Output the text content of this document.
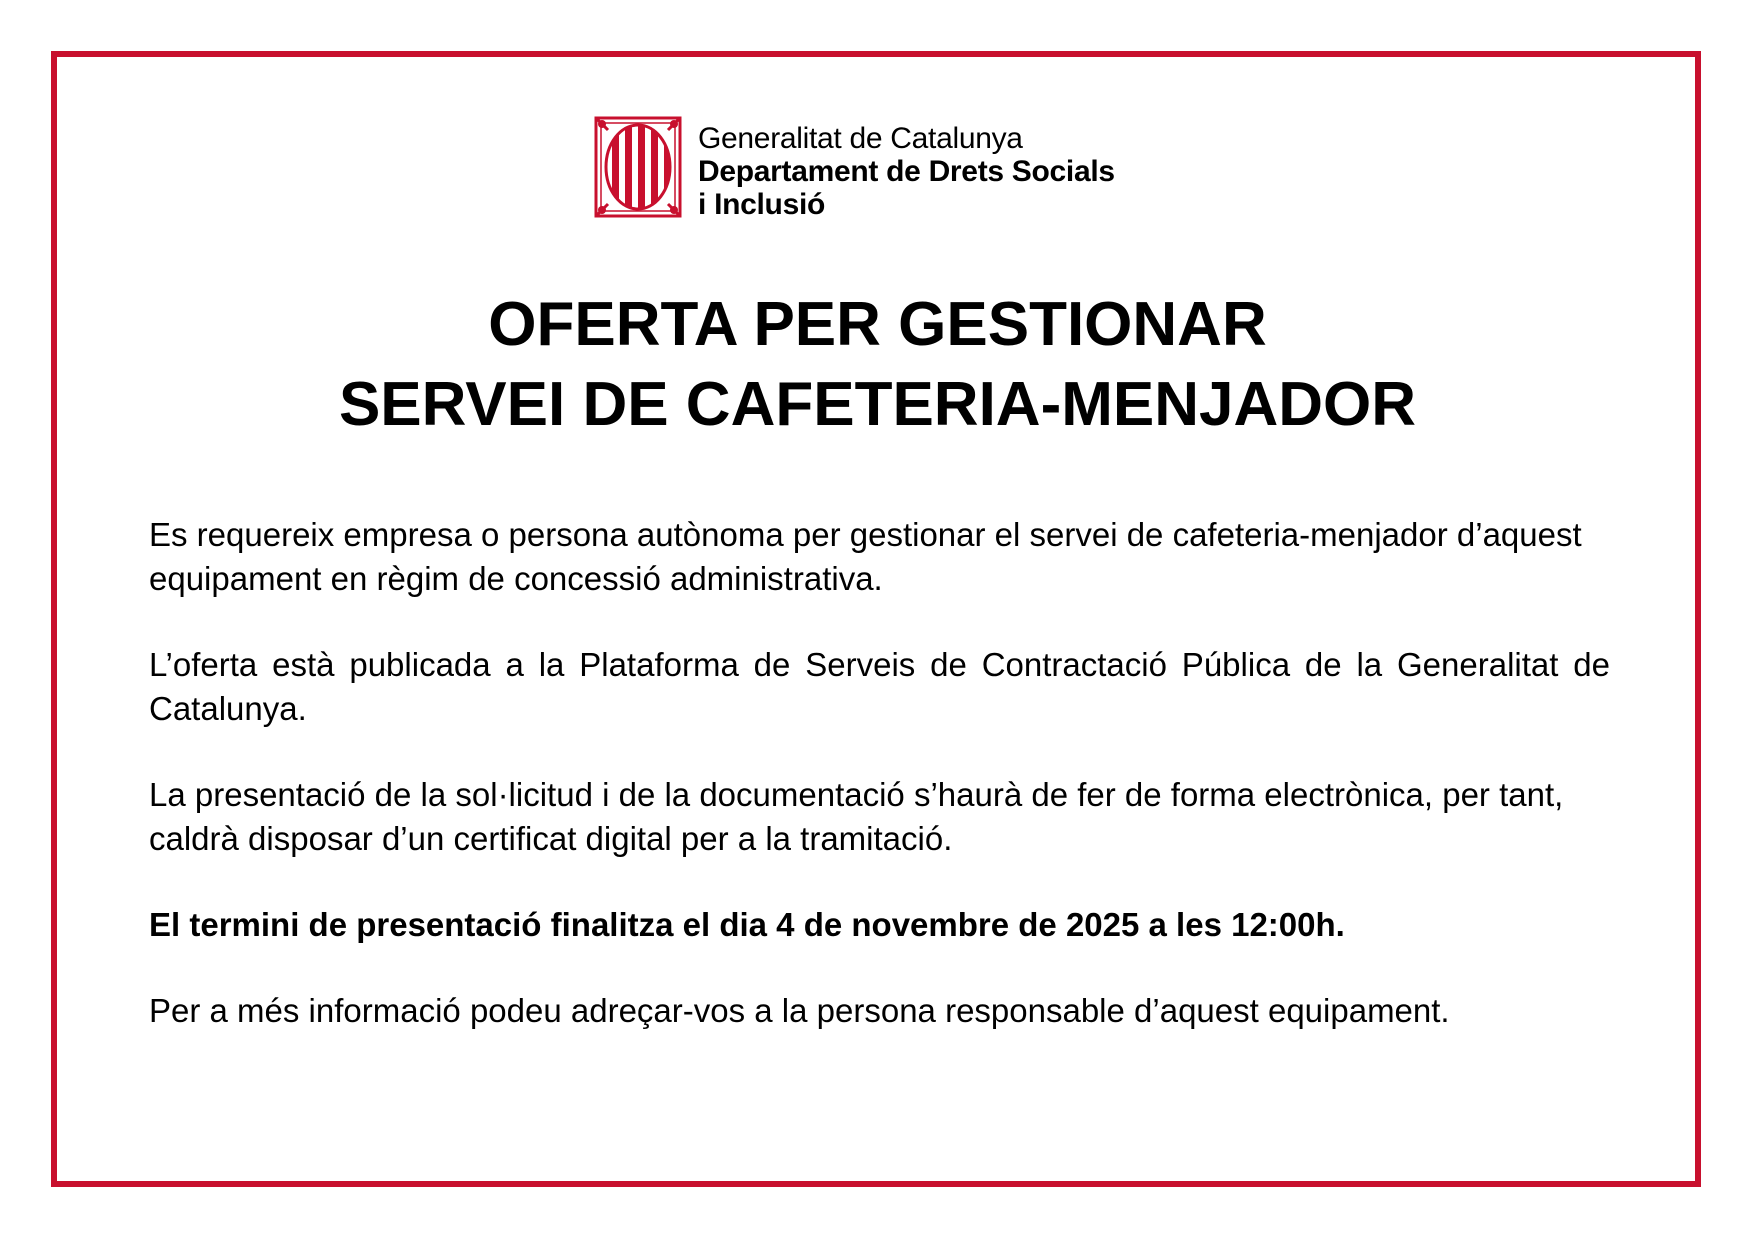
Generalitat de Catalunya
Departament de Drets Socials
i Inclusió
OFERTA PER GESTIONAR
SERVEI DE CAFETERIA-MENJADOR

Es requereix empresa o persona autònoma per gestionar el servei de cafeteria-menjador d’aquest equipament en règim de concessió administrativa.

L’oferta està publicada a la Plataforma de Serveis de Contractació Pública de la Generalitat de Catalunya.

La presentació de la sol·licitud i de la documentació s’haurà de fer de forma electrònica, per tant, caldrà disposar d’un certificat digital per a la tramitació.

El termini de presentació finalitza el dia 4 de novembre de 2025 a les 12:00h.

Per a més informació podeu adreçar-vos a la persona responsable d’aquest equipament.
